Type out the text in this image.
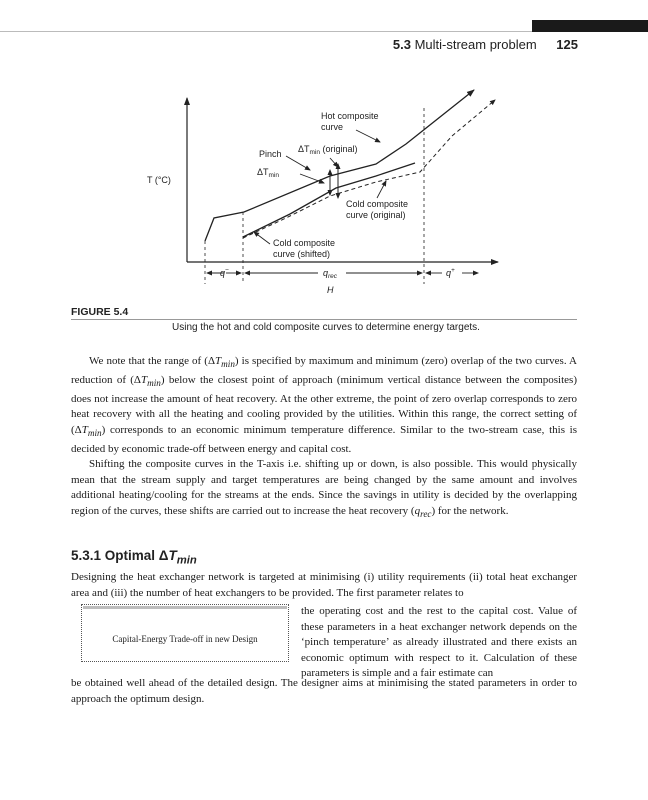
5.3 Multi-stream problem 125
T (°C)
Hot composite
curve
$\Delta T_{min}$ (original)
Pinch
$\Delta T_{min}$
Cold composite
curve (original)
Cold composite
curve (shifted)
q−	$q_{rec}$	q+
H
FIGURE 5.4
Using the hot and cold composite curves to determine energy targets.

We note that the range of $(\Delta T_{min})$ is specified by maximum and minimum (zero) overlap of the two curves. A reduction of $(\Delta T_{min})$ below the closest point of approach (minimum vertical distance between the composites) does not increase the amount of heat recovery. At the other extreme, the point of zero overlap corresponds to zero heat recovery with all the heating and cooling provided by the utilities. Within this range, the correct setting of $(\Delta T_{min})$ corresponds to an economic minimum temperature difference. Similar to the two-stream case, this is decided by economic trade-off between energy and capital cost.

Shifting the composite curves in the T-axis i.e. shifting up or down, is also possible. This would physically mean that the stream supply and target temperatures are being changed by the same amount and involves additional heating/cooling for the streams at the ends. Since the savings in utility is decided by the overlapping region of the curves, these shifts are carried out to increase the heat recovery $(q_{rec})$ for the network.

5.3.1 Optimal $\Delta T_{min}$

Designing the heat exchanger network is targeted at minimising (i) utility requirements (ii) total heat exchanger area and (iii) the number of heat exchangers to be provided. The first parameter relates to

Capital-Energy Trade-off in new Design

the operating cost and the rest to the capital cost. Value of these parameters in a heat exchanger network depends on the ‘pinch temperature’ as already illustrated and there exists an economic optimum with respect to it. Calculation of these parameters is simple and a fair estimate can

be obtained well ahead of the detailed design. The designer aims at minimising the stated parameters in order to approach the optimum design.
